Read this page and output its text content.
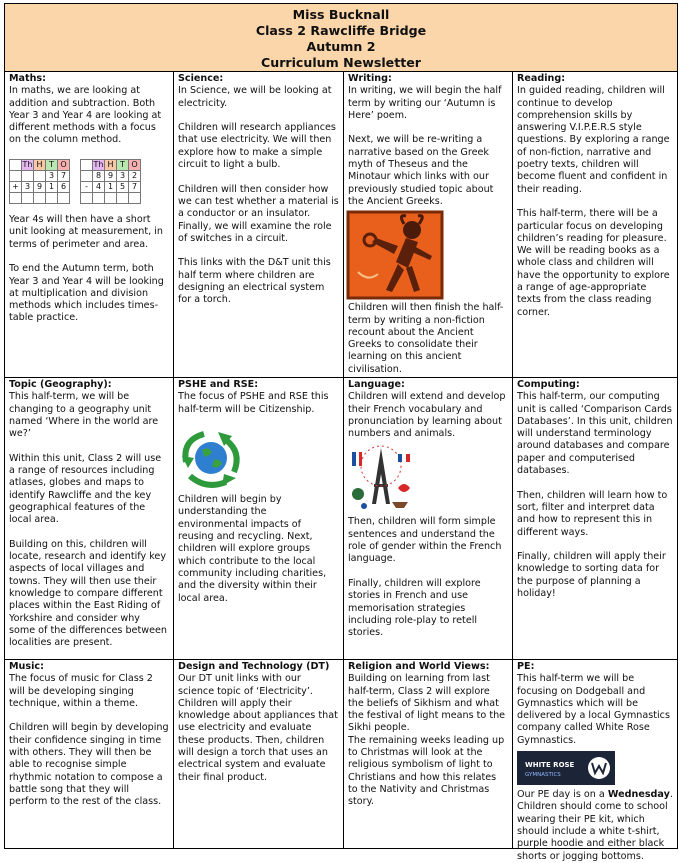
Miss Bucknall
Class 2 Rawcliffe Bridge
Autumn 2
Curriculum Newsletter
Maths:

In maths, we are looking at addition and subtraction. Both Year 3 and Year 4 are looking at different methods with a focus on the column method.

	Th	H	T	O
			3	7
+	3	9	1	6

	Th	H	T	O
	8	9	3	2
-	4	1	5	7

Year 4s will then have a short unit looking at measurement, in terms of perimeter and area.

To end the Autumn term, both Year 3 and Year 4 will be looking at multiplication and division methods which includes times-table practice.

Science:

In Science, we will be looking at electricity.

Children will research appliances that use electricity. We will then explore how to make a simple circuit to light a bulb.

Children will then consider how we can test whether a material is a conductor or an insulator. Finally, we will examine the role of switches in a circuit.

This links with the D&T unit this half term where children are designing an electrical system for a torch.

Writing:

In writing, we will begin the half term by writing our ‘Autumn is Here’ poem.

Next, we will be re-writing a narrative based on the Greek myth of Theseus and the Minotaur which links with our previously studied topic about the Ancient Greeks.

Children will then finish the half-term by writing a non-fiction recount about the Ancient Greeks to consolidate their learning on this ancient civilisation.

Reading:

In guided reading, children will continue to develop comprehension skills by answering V.I.P.E.R.S style questions. By exploring a range of non-fiction, narrative and poetry texts, children will become fluent and confident in their reading.

This half-term, there will be a particular focus on developing children’s reading for pleasure. We will be reading books as a whole class and children will have the opportunity to explore a range of age-appropriate texts from the class reading corner.

Topic (Geography):

This half-term, we will be changing to a geography unit named ‘Where in the world are we?’

Within this unit, Class 2 will use a range of resources including atlases, globes and maps to identify Rawcliffe and the key geographical features of the local area.

Building on this, children will locate, research and identify key aspects of local villages and towns. They will then use their knowledge to compare different places within the East Riding of Yorkshire and consider why some of the differences between localities are present.

PSHE and RSE:

The focus of PSHE and RSE this half-term will be Citizenship.

Children will begin by understanding the environmental impacts of reusing and recycling. Next, children will explore groups which contribute to the local community including charities, and the diversity within their local area.

Language:

Children will extend and develop their French vocabulary and pronunciation by learning about numbers and animals.

Then, children will form simple sentences and understand the role of gender within the French language.

Finally, children will explore stories in French and use memorisation strategies including role-play to retell stories.

Computing:

This half-term, our computing unit is called ‘Comparison Cards Databases’. In this unit, children will understand terminology around databases and compare paper and computerised databases.

Then, children will learn how to sort, filter and interpret data and how to represent this in different ways.

Finally, children will apply their knowledge to sorting data for the purpose of planning a holiday!

Music:

The focus of music for Class 2 will be developing singing technique, within a theme.

Children will begin by developing their confidence singing in time with others. They will then be able to recognise simple rhythmic notation to compose a battle song that they will perform to the rest of the class.

Design and Technology (DT)

Our DT unit links with our science topic of ‘Electricity’. Children will apply their knowledge about appliances that use electricity and evaluate these products. Then, children will design a torch that uses an electrical system and evaluate their final product.

Religion and World Views:

Building on learning from last half-term, Class 2 will explore the beliefs of Sikhism and what the festival of light means to the Sikhi people.

The remaining weeks leading up to Christmas will look at the religious symbolism of light to Christians and how this relates to the Nativity and Christmas story.

PE:

This half-term we will be focusing on Dodgeball and Gymnastics which will be delivered by a local Gymnastics company called White Rose Gymnastics.

WHITE ROSE
GYMNASTICS

Our PE day is on a Wednesday. Children should come to school wearing their PE kit, which should include a white t-shirt, purple hoodie and either black shorts or jogging bottoms.
